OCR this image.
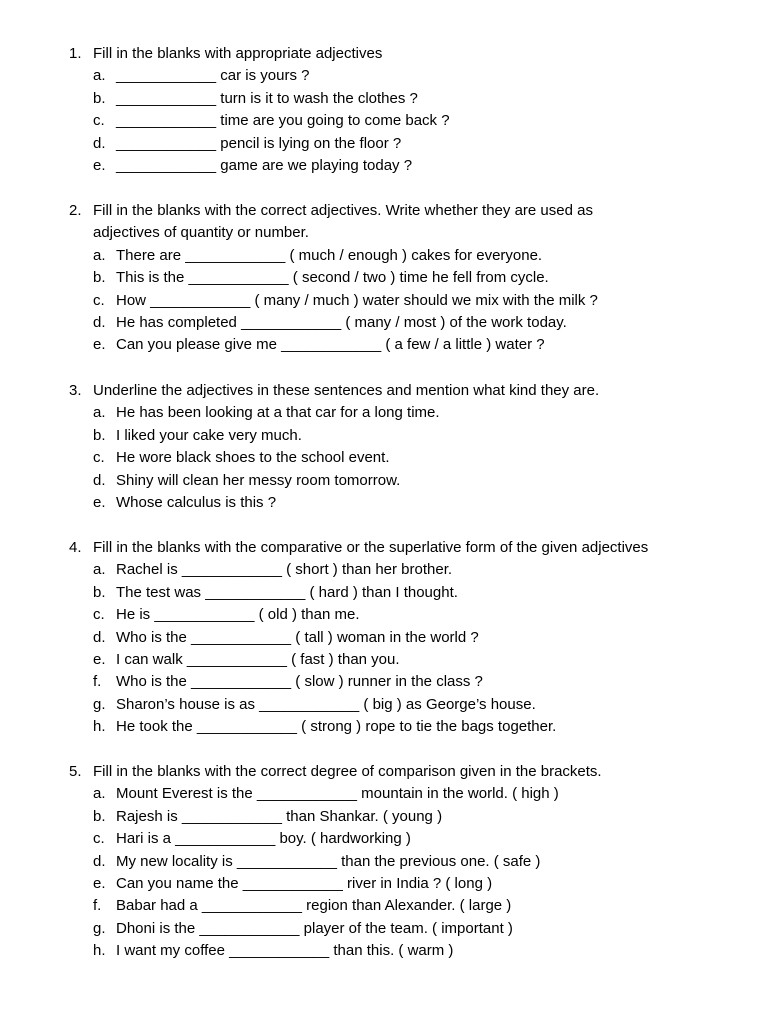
1. Fill in the blanks with appropriate adjectives
a. ____________ car is yours ?
b. ____________ turn is it to wash the clothes ?
c. ____________ time are you going to come back ?
d. ____________ pencil is lying on the floor ?
e. ____________ game are we playing today ?
2. Fill in the blanks with the correct adjectives. Write whether they are used as
adjectives of quantity or number.
a. There are ____________ ( much / enough ) cakes for everyone.
b. This is the ____________ ( second / two ) time he fell from cycle.
c. How ____________ ( many / much ) water should we mix with the milk ?
d. He has completed ____________ ( many / most ) of the work today.
e. Can you please give me ____________ ( a few / a little ) water ?
3. Underline the adjectives in these sentences and mention what kind they are.
a. He has been looking at a that car for a long time.
b. I liked your cake very much.
c. He wore black shoes to the school event.
d. Shiny will clean her messy room tomorrow.
e. Whose calculus is this ?
4. Fill in the blanks with the comparative or the superlative form of the given adjectives
a. Rachel is ____________ ( short ) than her brother.
b. The test was ____________ ( hard ) than I thought.
c. He is ____________ ( old ) than me.
d. Who is the ____________ ( tall ) woman in the world ?
e. I can walk ____________ ( fast ) than you.
f. Who is the ____________ ( slow ) runner in the class ?
g. Sharon’s house is as ____________ ( big ) as George’s house.
h. He took the ____________ ( strong ) rope to tie the bags together.
5. Fill in the blanks with the correct degree of comparison given in the brackets.
a. Mount Everest is the ____________ mountain in the world. ( high )
b. Rajesh is ____________ than Shankar. ( young )
c. Hari is a ____________ boy. ( hardworking )
d. My new locality is ____________ than the previous one. ( safe )
e. Can you name the ____________ river in India ? ( long )
f. Babar had a ____________ region than Alexander. ( large )
g. Dhoni is the ____________ player of the team. ( important )
h. I want my coffee ____________ than this. ( warm )
